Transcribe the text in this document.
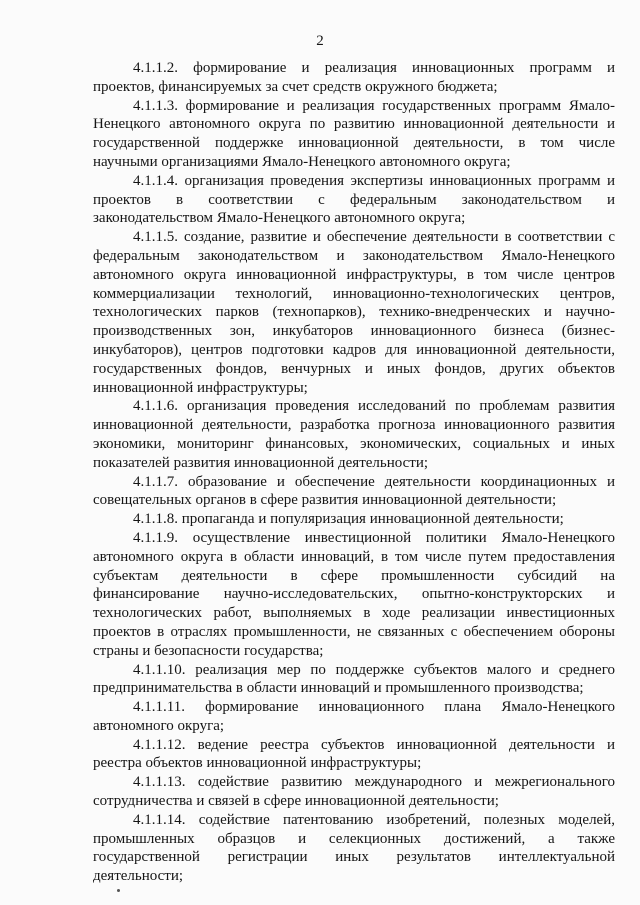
2
4.1.1.2. формирование и реализация инновационных программ и
проектов, финансируемых за счет средств окружного бюджета;
4.1.1.3. формирование и реализация государственных программ Ямало-
Ненецкого автономного округа по развитию инновационной деятельности и
государственной поддержке инновационной деятельности, в том числе
научными организациями Ямало-Ненецкого автономного округа;
4.1.1.4. организация проведения экспертизы инновационных программ и
проектов в соответствии с федеральным законодательством и
законодательством Ямало-Ненецкого автономного округа;
4.1.1.5. создание, развитие и обеспечение деятельности в соответствии с
федеральным законодательством и законодательством Ямало-Ненецкого
автономного округа инновационной инфраструктуры, в том числе центров
коммерциализации технологий, инновационно-технологических центров,
технологических парков (технопарков), технико-внедренческих и научно-
производственных зон, инкубаторов инновационного бизнеса (бизнес-
инкубаторов), центров подготовки кадров для инновационной деятельности,
государственных фондов, венчурных и иных фондов, других объектов
инновационной инфраструктуры;
4.1.1.6. организация проведения исследований по проблемам развития
инновационной деятельности, разработка прогноза инновационного развития
экономики, мониторинг финансовых, экономических, социальных и иных
показателей развития инновационной деятельности;
4.1.1.7. образование и обеспечение деятельности координационных и
совещательных органов в сфере развития инновационной деятельности;
4.1.1.8. пропаганда и популяризация инновационной деятельности;
4.1.1.9. осуществление инвестиционной политики Ямало-Ненецкого
автономного округа в области инноваций, в том числе путем предоставления
субъектам деятельности в сфере промышленности субсидий на
финансирование научно-исследовательских, опытно-конструкторских и
технологических работ, выполняемых в ходе реализации инвестиционных
проектов в отраслях промышленности, не связанных с обеспечением обороны
страны и безопасности государства;
4.1.1.10. реализация мер по поддержке субъектов малого и среднего
предпринимательства в области инноваций и промышленного производства;
4.1.1.11. формирование инновационного плана Ямало-Ненецкого
автономного округа;
4.1.1.12. ведение реестра субъектов инновационной деятельности и
реестра объектов инновационной инфраструктуры;
4.1.1.13. содействие развитию международного и межрегионального
сотрудничества и связей в сфере инновационной деятельности;
4.1.1.14. содействие патентованию изобретений, полезных моделей,
промышленных образцов и селекционных достижений, а также
государственной регистрации иных результатов интеллектуальной
деятельности;
